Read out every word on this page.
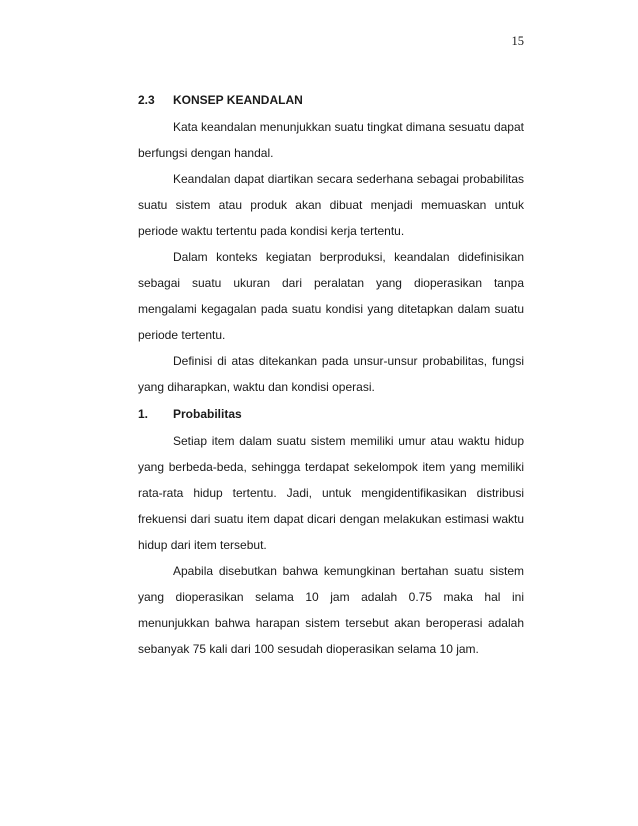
15
2.3 KONSEP KEANDALAN

Kata keandalan menunjukkan suatu tingkat dimana sesuatu dapat berfungsi dengan handal.

Keandalan dapat diartikan secara sederhana sebagai probabilitas suatu sistem atau produk akan dibuat menjadi memuaskan untuk periode waktu tertentu pada kondisi kerja tertentu.

Dalam konteks kegiatan berproduksi, keandalan didefinisikan sebagai suatu ukuran dari peralatan yang dioperasikan tanpa mengalami kegagalan pada suatu kondisi yang ditetapkan dalam suatu periode tertentu.

Definisi di atas ditekankan pada unsur-unsur probabilitas, fungsi yang diharapkan, waktu dan kondisi operasi.

1. Probabilitas

Setiap item dalam suatu sistem memiliki umur atau waktu hidup yang berbeda-beda, sehingga terdapat sekelompok item yang memiliki rata-rata hidup tertentu. Jadi, untuk mengidentifikasikan distribusi frekuensi dari suatu item dapat dicari dengan melakukan estimasi waktu hidup dari item tersebut.

Apabila disebutkan bahwa kemungkinan bertahan suatu sistem yang dioperasikan selama 10 jam adalah 0.75 maka hal ini menunjukkan bahwa harapan sistem tersebut akan beroperasi adalah sebanyak 75 kali dari 100 sesudah dioperasikan selama 10 jam.
